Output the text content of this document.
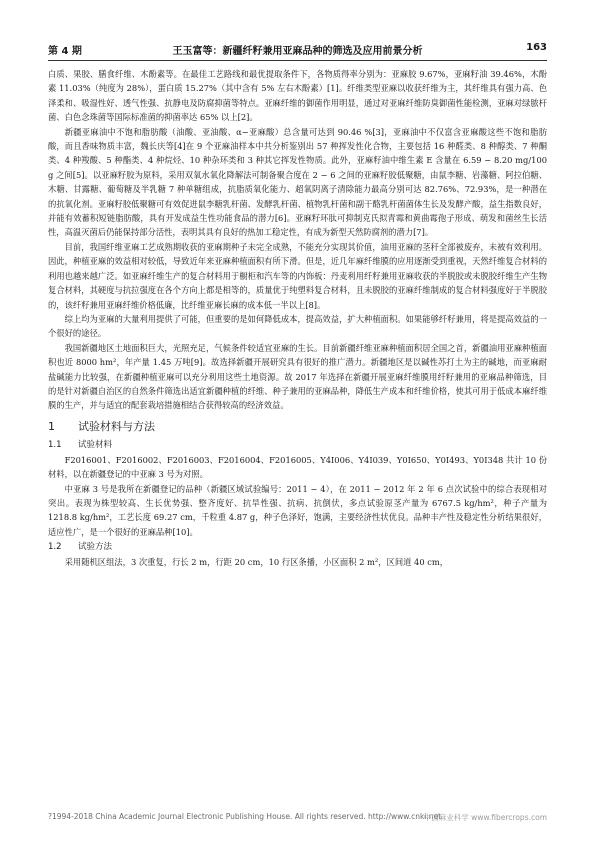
第 4 期	王玉富等：新疆纤籽兼用亚麻品种的筛选及应用前景分析	163

白质、果胶、膳食纤维、木酚素等。在最佳工艺路线和最优提取条件下，各物质得率分别为：亚麻胶 9.67%，亚麻籽油 39.46%，木酚素 11.03%（纯度为 28%），蛋白质 15.27%（其中含有 5% 左右木酚素）[1]。纤维类型亚麻以收获纤维为主，其纤维具有强力高、色泽柔和、吸湿性好、透气性强、抗静电及防腐抑菌等特点。亚麻纤维的御菌作用明显，通过对亚麻纤维防臭御菌性能检测，亚麻对绿脓杆菌、白色念珠菌等国际标准菌的抑菌率达 65% 以上[2]。

新疆亚麻油中不饱和脂肪酸（油酸、亚油酸、α−亚麻酸）总含量可达到 90.46 %[3]，亚麻油中不仅富含亚麻酸这些不饱和脂肪酸，而且香味物质丰富，魏长庆等[4]在 9 个亚麻油样本中共分析鉴别出 57 种挥发性化合物，主要包括 16 种醛类、8 种醇类、7 种酮类、4 种羧酸、5 种酯类、4 种烷烃、10 种杂环类和 3 种其它挥发性物质。此外，亚麻籽油中维生素 E 含量在 6.59 − 8.20 mg/100 g 之间[5]。以亚麻籽胶为原料，采用双氧水氧化降解法可制备聚合度在 2 − 6 之间的亚麻籽胶低聚糖，由鼠李糖、岩藻糖、阿拉伯糖、木糖、甘露糖、葡萄糖及半乳糖 7 种单糖组成，抗脂质氧化能力、超氧阴离子清除能力最高分别可达 82.76%、72.93%，是一种潜在的抗氧化剂。亚麻籽胶低聚糖可有效促进鼠李糖乳杆菌、发酵乳杆菌、植物乳杆菌和副干酪乳杆菌菌体生长及发酵产酸，益生指数良好，并能有效蓄积短链脂肪酸，具有开发成益生性功能食品的潜力[6]。亚麻籽环肽可抑制克氏拟青霉和黄曲霉孢子形成、萌发和菌丝生长活性，高温灭菌后仍能保持部分活性，表明其具有良好的热加工稳定性，有成为新型天然防腐剂的潜力[7]。

目前，我国纤维亚麻工艺成熟期收获的亚麻期种子未完全成熟，不能充分实现其价值，油用亚麻的茎秆全部被废弃，未被有效利用。因此，种植亚麻的效益相对较低，导致近年来亚麻种植面积有所下滑。但是，近几年麻纤维膜的应用逐渐受到重视，天然纤维复合材料的利用也越来越广泛。如亚麻纤维生产的复合材料用于橱柜和汽车等的内饰板：丹麦利用纤籽兼用亚麻收获的半脱胶或未脱胶纤维生产生物复合材料，其硬度与抗拉强度在各个方向上都是相等的，质量优于纯塑料复合材料，且未脱胶的亚麻纤维制成的复合材料强度好于半脱胶的，该纤籽兼用亚麻纤维价格低廉，比纤维亚麻长麻的成本低一半以上[8]。

综上均为亚麻的大量利用提供了可能，但重要的是如何降低成本，提高效益，扩大种植面积。如果能够纤籽兼用，将是提高效益的一个很好的途径。

我国新疆地区土地面积巨大，光照充足，气候条件较适宜亚麻的生长。目前新疆纤维亚麻种植面积居全国之首，新疆油用亚麻种植面积也近 8000 hm²，年产量 1.45 万吨[9]。故选择新疆开展研究具有很好的推广潜力。新疆地区是以碱性苏打土为主的碱地，而亚麻耐盐碱能力比较强，在新疆种植亚麻可以充分利用这些土地资源。故 2017 年选择在新疆开展亚麻纤维膜用纤籽兼用的亚麻品种筛选，目的是针对新疆自治区的自然条件筛选出适宜新疆种植的纤维、种子兼用的亚麻品种，降低生产成本和纤维价格，使其可用于低成本麻纤维膜的生产，并与适宜的配套栽培措施相结合获得较高的经济效益。

1 试验材料与方法
1.1 试验材料

F2016001、F2016002、F2016003、F2016004、F2016005、Y4I006、Y4I039、Y0I650、Y0I493、Y0I348 共计 10 份材料，以在新疆登记的中亚麻 3 号为对照。

中亚麻 3 号是我所在新疆登记的品种（新疆区域试验编号：2011 − 4），在 2011 − 2012 年 2 年 6 点次试验中的综合表现相对突出。表现为株型较高、生长优势强、整齐度好、抗旱性强、抗病、抗倒伏，多点试验原茎产量为 6767.5 kg/hm²，种子产量为 1218.8 kg/hm²，工艺长度 69.27 cm，千粒重 4.87 g，种子色泽好，饱满，主要经济性状优良。品种丰产性及稳定性分析结果很好，适应性广，是一个很好的亚麻品种[10]。

1.2 试验方法

采用随机区组法，3 次重复，行长 2 m，行距 20 cm，10 行区条播，小区面积 2 m²，区间道 40 cm，

?1994-2018 China Academic Journal Electronic Publishing House. All rights reserved. http://www.cnki.net
中国麻业科学 www.fibercrops.com
